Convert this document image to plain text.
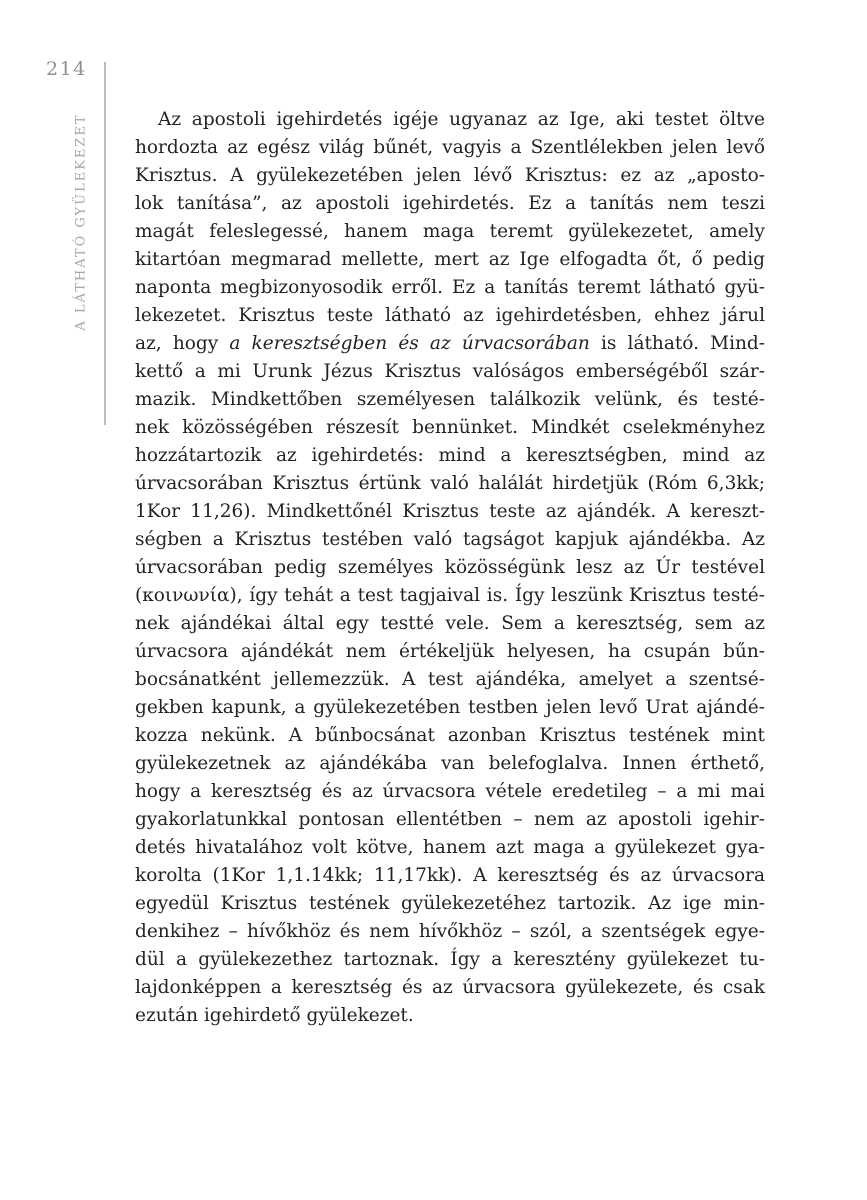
214
A LÁTHATÓ GYÜLEKEZET	Az apostoli igehirdetés igéje ugyanaz az Ige, aki testet öltve
hordozta az egész világ bűnét, vagyis a Szentlélekben jelen levő
Krisztus. A gyülekezetében jelen lévő Krisztus: ez az „aposto-
lok tanítása”, az apostoli igehirdetés. Ez a tanítás nem teszi
magát feleslegessé, hanem maga teremt gyülekezetet, amely
kitartóan megmarad mellette, mert az Ige elfogadta őt, ő pedig
naponta megbizonyosodik erről. Ez a tanítás teremt látható gyü-
lekezetet. Krisztus teste látható az igehirdetésben, ehhez járul
az, hogy a keresztségben és az úrvacsorában is látható. Mind-
kettő a mi Urunk Jézus Krisztus valóságos emberségéből szár-
mazik. Mindkettőben személyesen találkozik velünk, és testé-
nek közösségében részesít bennünket. Mindkét cselekményhez
hozzátartozik az igehirdetés: mind a keresztségben, mind az
úrvacsorában Krisztus értünk való halálát hirdetjük (Róm 6,3kk;
1Kor 11,26). Mindkettőnél Krisztus teste az ajándék. A kereszt-
ségben a Krisztus testében való tagságot kapjuk ajándékba. Az
úrvacsorában pedig személyes közösségünk lesz az Úr testével
(κοινωνία), így tehát a test tagjaival is. Így leszünk Krisztus testé-
nek ajándékai által egy testté vele. Sem a keresztség, sem az
úrvacsora ajándékát nem értékeljük helyesen, ha csupán bűn-
bocsánatként jellemezzük. A test ajándéka, amelyet a szentsé-
gekben kapunk, a gyülekezetében testben jelen levő Urat ajándé-
kozza nekünk. A bűnbocsánat azonban Krisztus testének mint
gyülekezetnek az ajándékába van belefoglalva. Innen érthető,
hogy a keresztség és az úrvacsora vétele eredetileg – a mi mai
gyakorlatunkkal pontosan ellentétben – nem az apostoli igehir-
detés hivatalához volt kötve, hanem azt maga a gyülekezet gya-
korolta (1Kor 1,1.14kk; 11,17kk). A keresztség és az úrvacsora
egyedül Krisztus testének gyülekezetéhez tartozik. Az ige min-
denkihez – hívőkhöz és nem hívőkhöz – szól, a szentségek egye-
dül a gyülekezethez tartoznak. Így a keresztény gyülekezet tu-
lajdonképpen a keresztség és az úrvacsora gyülekezete, és csak
ezután igehirdető gyülekezet.
